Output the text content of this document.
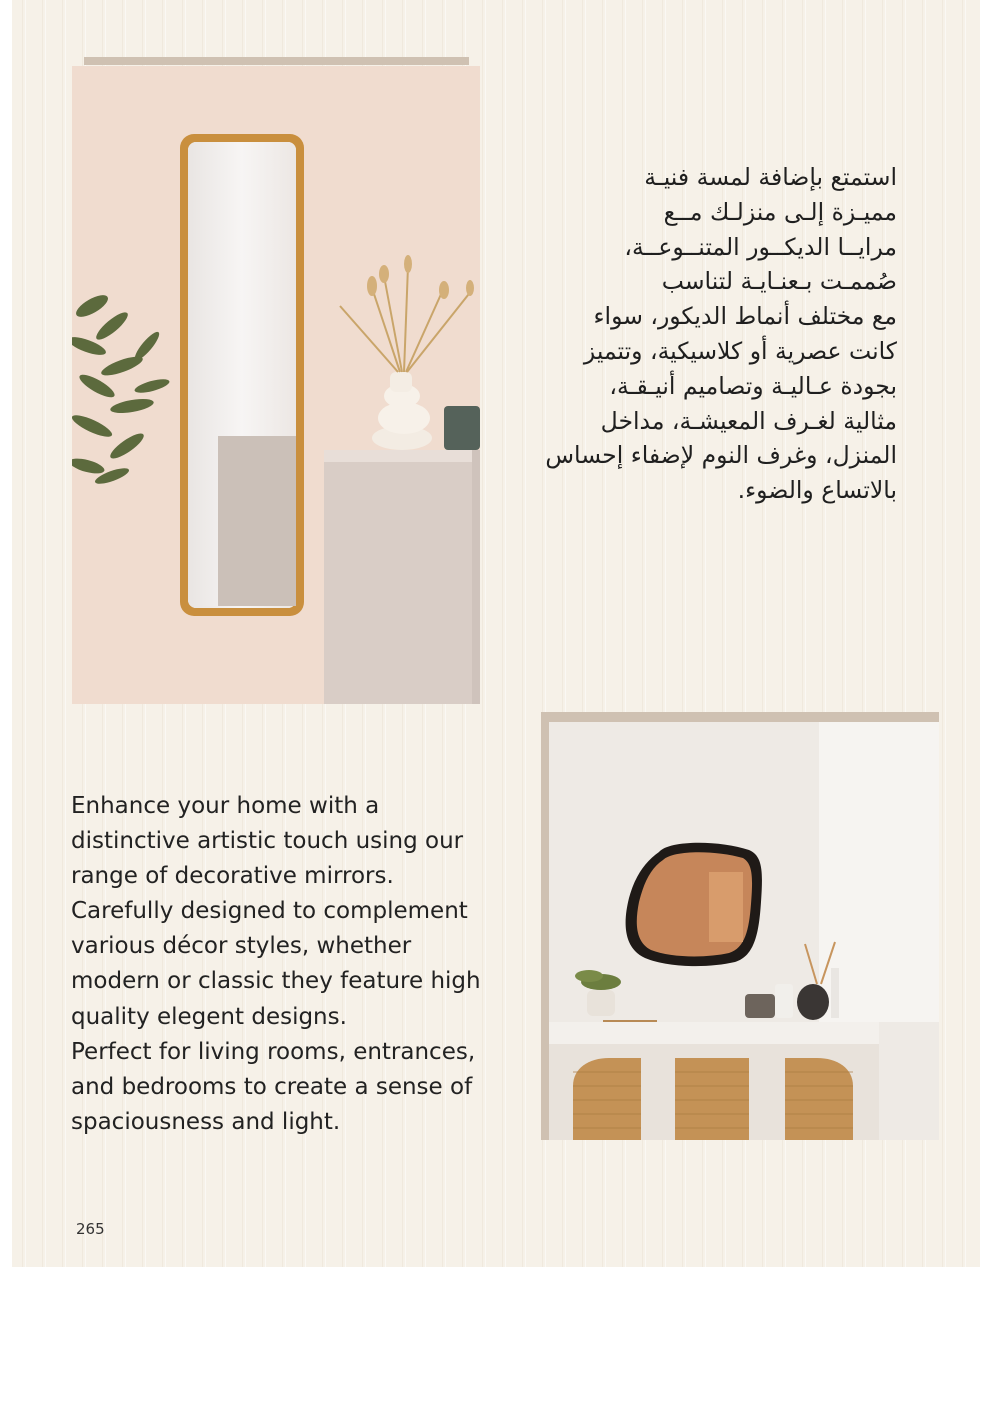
استمتع بإضافة لمسة فنيـة
مميـزة إلـى منزلـك مــع
مرايــا الديكــور المتنــوعــة،
صُممـت بـعنـايـة لتناسب
مع مختلف أنماط الديكور، سواء
كانت عصرية أو كلاسيكية، وتتميز
بجودة عـاليـة وتصاميم أنيـقـة،
مثالية لغـرف المعيشـة، مداخل
المنزل، وغرف النوم لإضفاء إحساس
بالاتساع والضوء.

Enhance your home with a
distinctive artistic touch using our
range of decorative mirrors.
Carefully designed to complement
various décor styles, whether
modern or classic they feature high
quality elegent designs.
Perfect for living rooms, entrances,
and bedrooms to create a sense of
spaciousness and light.

265
